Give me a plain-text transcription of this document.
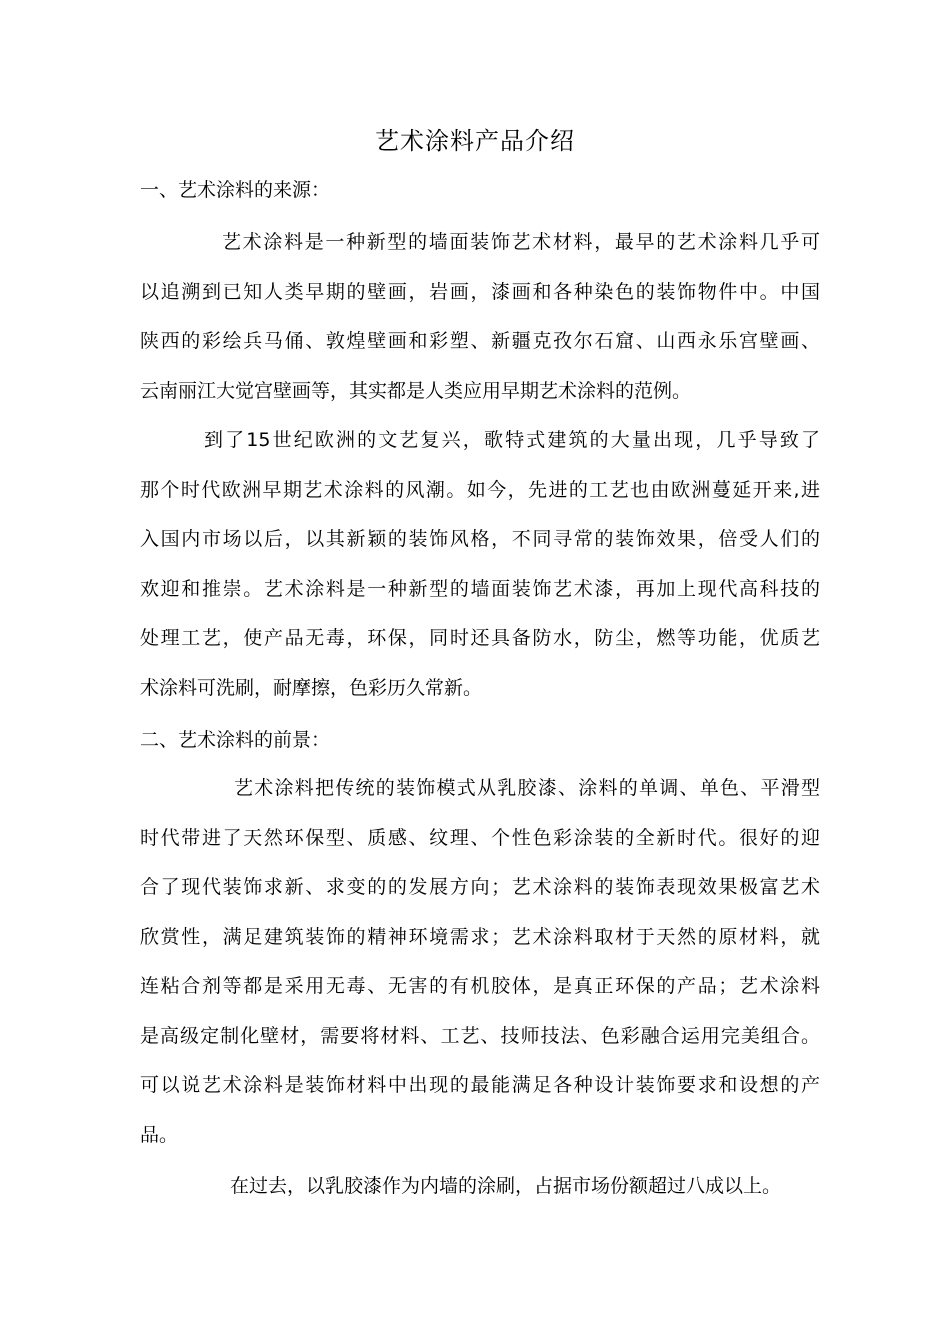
艺术涂料产品介绍
一、艺术涂料的来源：
艺术涂料是一种新型的墙面装饰艺术材料，最早的艺术涂料几乎可
以追溯到已知人类早期的壁画，岩画，漆画和各种染色的装饰物件中。中国
陕西的彩绘兵马俑、敦煌壁画和彩塑、新疆克孜尔石窟、山西永乐宫壁画、
云南丽江大觉宫壁画等，其实都是人类应用早期艺术涂料的范例。
到了15世纪欧洲的文艺复兴，歌特式建筑的大量出现，几乎导致了
那个时代欧洲早期艺术涂料的风潮。如今，先进的工艺也由欧洲蔓延开来,进
入国内市场以后，以其新颖的装饰风格，不同寻常的装饰效果，倍受人们的
欢迎和推崇。艺术涂料是一种新型的墙面装饰艺术漆，再加上现代高科技的
处理工艺，使产品无毒，环保，同时还具备防水，防尘，燃等功能，优质艺
术涂料可洗刷，耐摩擦，色彩历久常新。
二、艺术涂料的前景：
艺术涂料把传统的装饰模式从乳胶漆、涂料的单调、单色、平滑型
时代带进了天然环保型、质感、纹理、个性色彩涂装的全新时代。很好的迎
合了现代装饰求新、求变的的发展方向；艺术涂料的装饰表现效果极富艺术
欣赏性，满足建筑装饰的精神环境需求；艺术涂料取材于天然的原材料，就
连粘合剂等都是采用无毒、无害的有机胶体，是真正环保的产品；艺术涂料
是高级定制化壁材，需要将材料、工艺、技师技法、色彩融合运用完美组合。
可以说艺术涂料是装饰材料中出现的最能满足各种设计装饰要求和设想的产
品。
在过去，以乳胶漆作为内墙的涂刷，占据市场份额超过八成以上。
